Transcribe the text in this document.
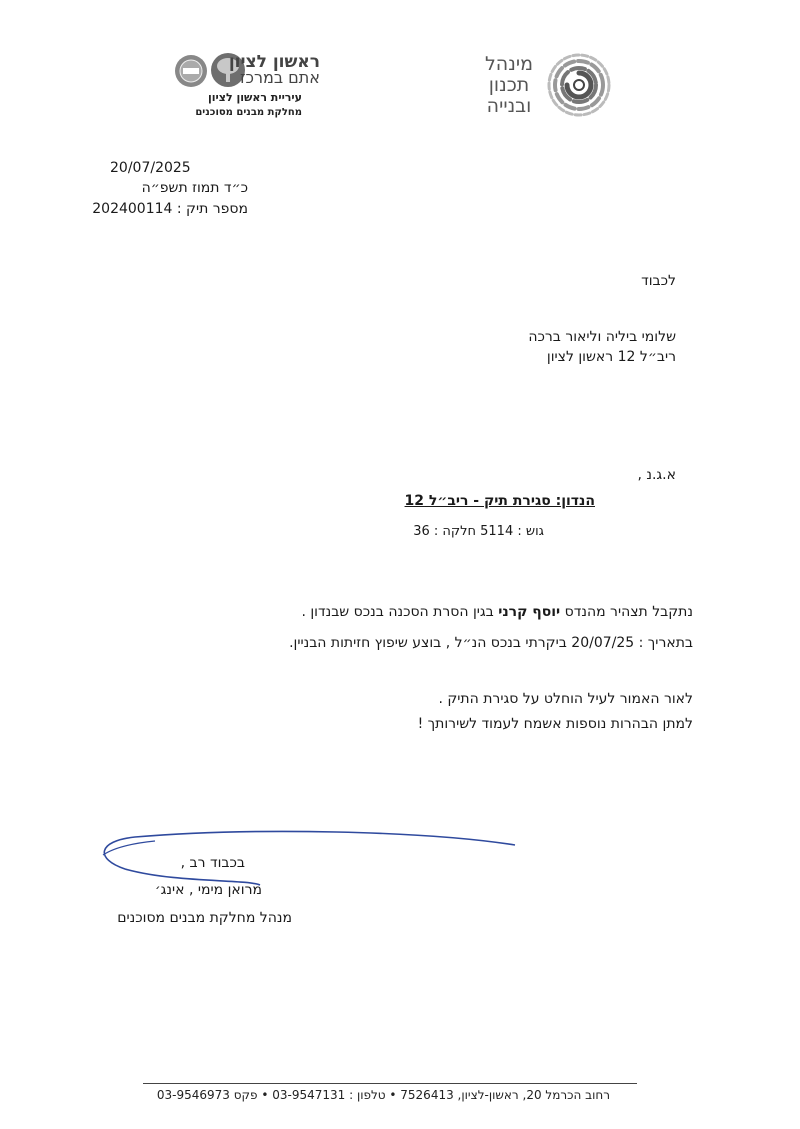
מינהל תכנון ובנייה
ראשון לציון
אתם במרכז
עיריית ראשון לציון
מחלקת מבנים מסוכנים
20/07/2025
כ״ד תמוז תשפ״ה
מספר תיק : 202400114
לכבוד
שלומי ביליה וליאור ברכה
ריב״ל 12 ראשון לציון
א.ג.נ ,
הנדון: סגירת תיק - ריב״ל 12
גוש : 5114 חלקה : 36
נתקבל תצהיר מהנדס יוסף קרני בגין הסרת הסכנה בנכס שבנדון .
בתאריך : 20/07/25 ביקרתי בנכס הנ״ל , בוצע שיפוץ חזיתות הבניין.
לאור האמור לעיל הוחלט על סגירת התיק .
למתן הבהרות נוספות אשמח לעמוד לשירותך !
בכבוד רב ,
מרואן מימי , אינג׳
מנהל מחלקת מבנים מסוכנים
רחוב הכרמל 20, ראשון-לציון, 7526413 • טלפון : 03-9547131 • פקס 03-9546973
